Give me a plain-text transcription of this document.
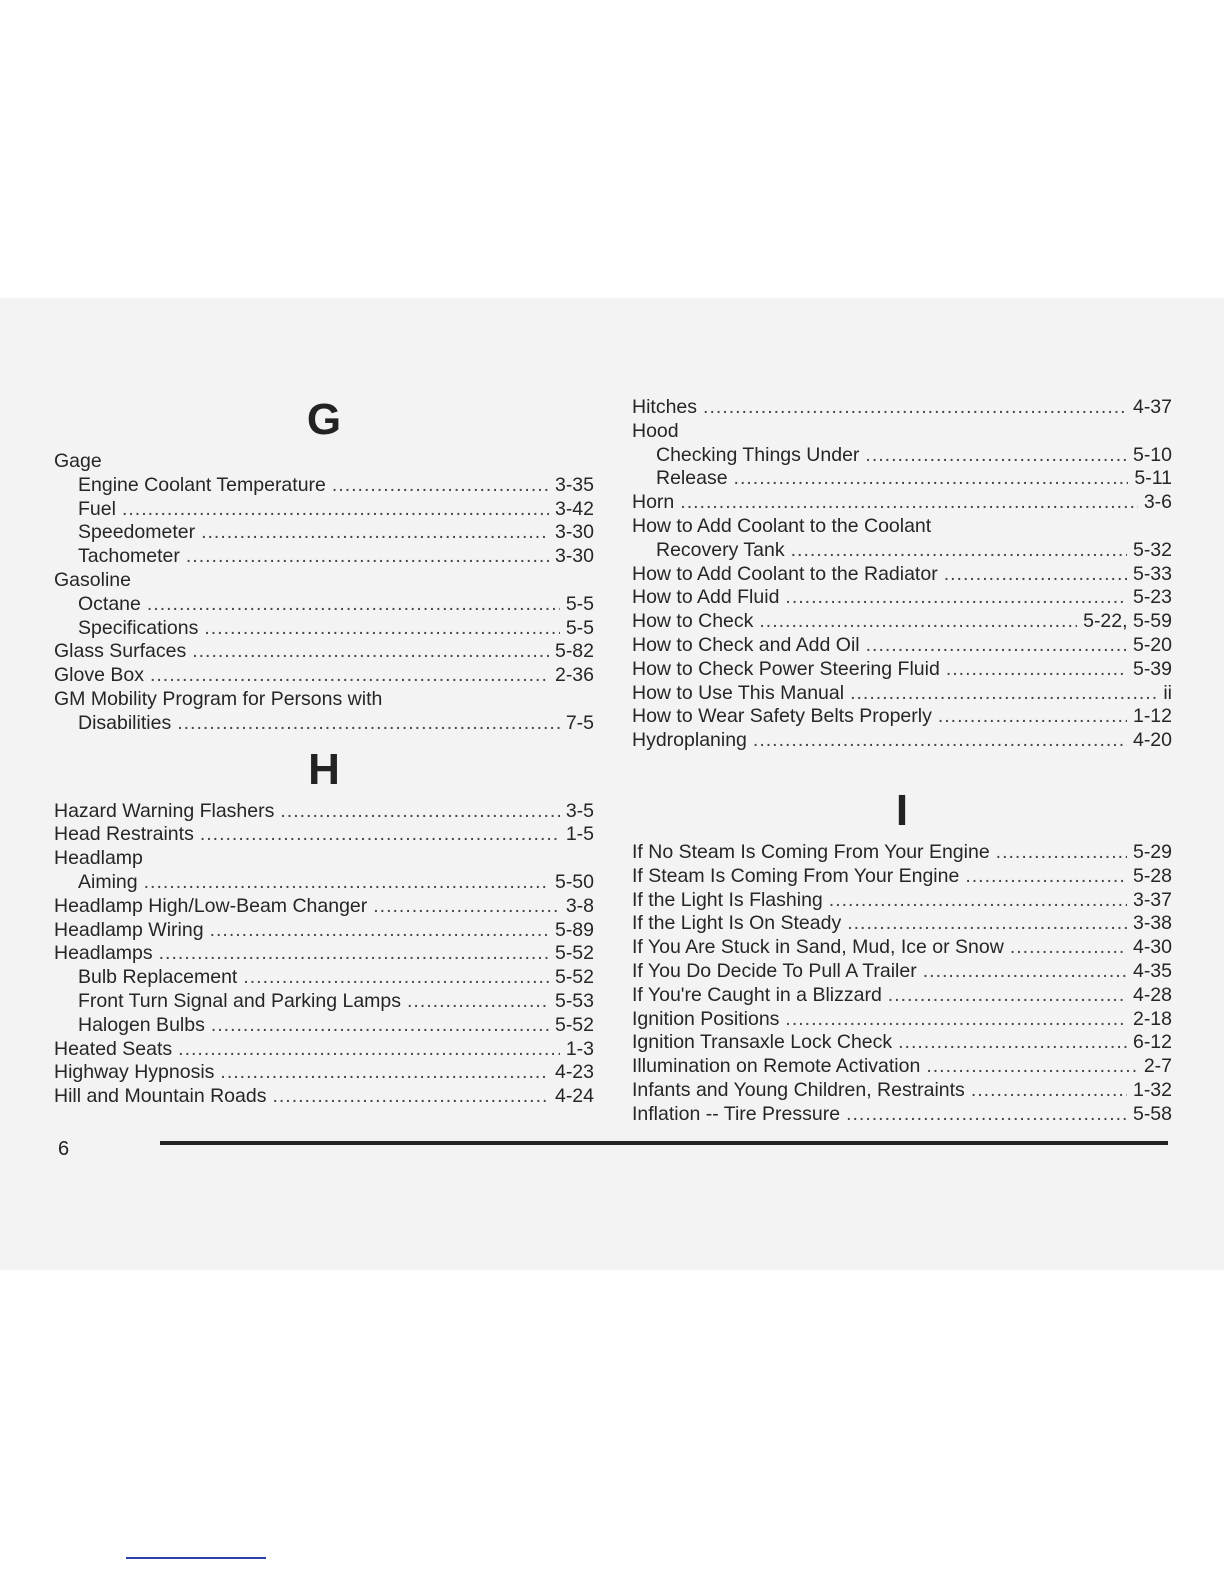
G
Gage
Engine Coolant Temperature .....	3-35
Fuel .....	3-42
Speedometer .....	3-30
Tachometer .....	3-30
Gasoline
Octane .....	5-5
Specifications .....	5-5
Glass Surfaces .....	5-82
Glove Box .....	2-36
GM Mobility Program for Persons with
Disabilities .....	7-5
H
Hazard Warning Flashers .....	3-5
Head Restraints .....	1-5
Headlamp
Aiming .....	5-50
Headlamp High/Low-Beam Changer .....	3-8
Headlamp Wiring .....	5-89
Headlamps .....	5-52
Bulb Replacement .....	5-52
Front Turn Signal and Parking Lamps .....	5-53
Halogen Bulbs .....	5-52
Heated Seats .....	1-3
Highway Hypnosis .....	4-23
Hill and Mountain Roads .....	4-24
Hitches .....	4-37
Hood
Checking Things Under .....	5-10
Release .....	5-11
Horn .....	3-6
How to Add Coolant to the Coolant
Recovery Tank .....	5-32
How to Add Coolant to the Radiator .....	5-33
How to Add Fluid .....	5-23
How to Check .....	5-22, 5-59
How to Check and Add Oil .....	5-20
How to Check Power Steering Fluid .....	5-39
How to Use This Manual .....	ii
How to Wear Safety Belts Properly .....	1-12
Hydroplaning .....	4-20
I
If No Steam Is Coming From Your Engine .....	5-29
If Steam Is Coming From Your Engine .....	5-28
If the Light Is Flashing .....	3-37
If the Light Is On Steady .....	3-38
If You Are Stuck in Sand, Mud, Ice or Snow .....	4-30
If You Do Decide To Pull A Trailer .....	4-35
If You're Caught in a Blizzard .....	4-28
Ignition Positions .....	2-18
Ignition Transaxle Lock Check .....	6-12
Illumination on Remote Activation .....	2-7
Infants and Young Children, Restraints .....	1-32
Inflation -- Tire Pressure .....	5-58
6
